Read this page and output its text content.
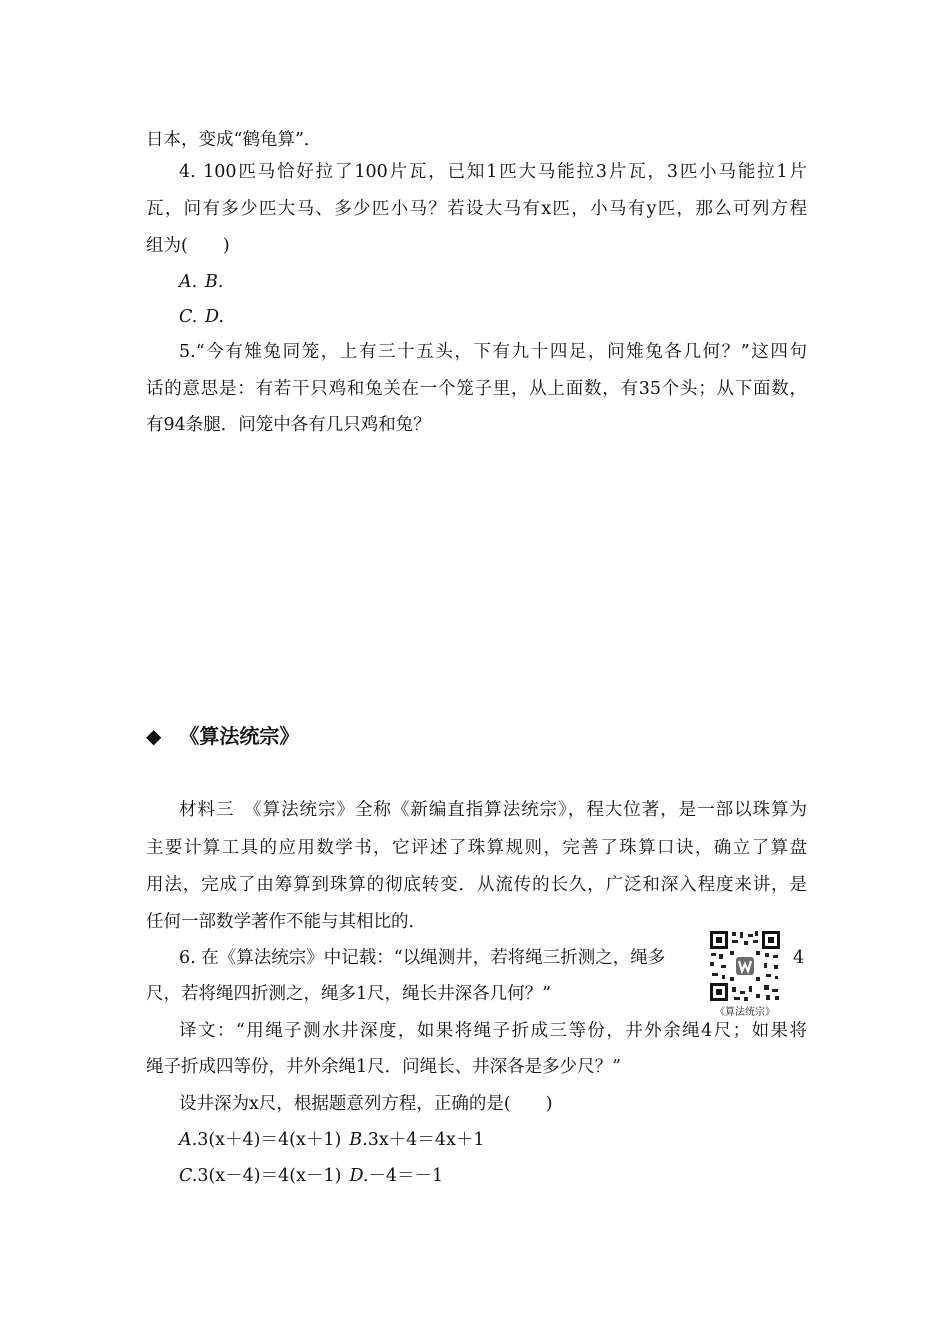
日本，变成“鹤龟算”．
4. 100匹马恰好拉了100片瓦，已知1匹大马能拉3片瓦，3匹小马能拉1片
瓦，问有多少匹大马、多少匹小马？若设大马有x匹，小马有y匹，那么可列方程
组为(　　)
A. B.
C. D.
5.“今有雉兔同笼，上有三十五头，下有九十四足，问雉兔各几何？”这四句
话的意思是：有若干只鸡和兔关在一个笼子里，从上面数，有35个头；从下面数，
有94条腿．问笼中各有几只鸡和兔？
◆ 《算法统宗》
材料三　《算法统宗》全称《新编直指算法统宗》，程大位著，是一部以珠算为
主要计算工具的应用数学书，它评述了珠算规则，完善了珠算口诀，确立了算盘
用法，完成了由筹算到珠算的彻底转变．从流传的长久，广泛和深入程度来讲，是
任何一部数学著作不能与其相比的．
6. 在《算法统宗》中记载：“以绳测井，若将绳三折测之，绳多	4
尺，若将绳四折测之，绳多1尺，绳长井深各几何？”
《算法统宗》
译文：“用绳子测水井深度，如果将绳子折成三等份，井外余绳4尺；如果将
绳子折成四等份，井外余绳1尺．问绳长、井深各是多少尺？”
设井深为x尺，根据题意列方程，正确的是(　　)
A.3(x＋4)＝4(x＋1) B.3x＋4＝4x＋1
C.3(x－4)＝4(x－1) D.－4＝－1
